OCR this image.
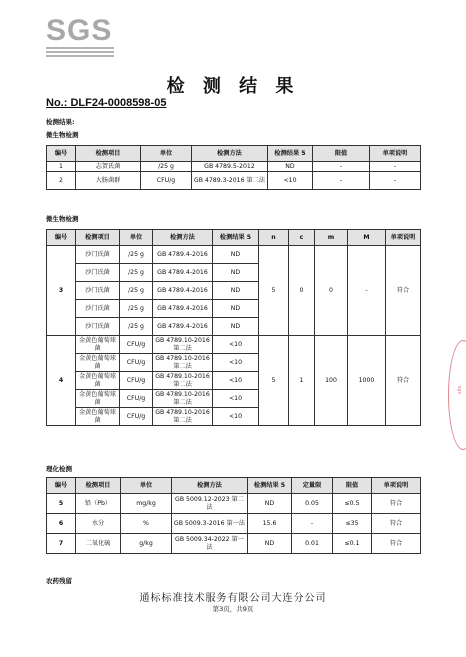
SGS
检 测 结 果
No.: DLF24-0008598-05
检测结果:
微生物检测
编号	检测项目	单位	检测方法	检测结果 5	限值	单项说明
1	志贺氏菌	/25 g	GB 4789.5-2012	ND	-	-
2	大肠菌群	CFU/g	GB 4789.3-2016 第二法	<10	-	-
微生物检测
编号	检测项目	单位	检测方法	检测结果 5	n	c	m	M	单项说明
3	沙门氏菌	/25 g	GB 4789.4-2016	ND	5	0	0	-	符合
	沙门氏菌	/25 g	GB 4789.4-2016	ND					
	沙门氏菌	/25 g	GB 4789.4-2016	ND					
	沙门氏菌	/25 g	GB 4789.4-2016	ND					
	沙门氏菌	/25 g	GB 4789.4-2016	ND					
4	金黄色葡萄球菌	CFU/g	GB 4789.10-2016 第二法	<10	5	1	100	1000	符合
	金黄色葡萄球菌	CFU/g	GB 4789.10-2016 第二法	<10					
	金黄色葡萄球菌	CFU/g	GB 4789.10-2016 第二法	<10					
	金黄色葡萄球菌	CFU/g	GB 4789.10-2016 第二法	<10					
	金黄色葡萄球菌	CFU/g	GB 4789.10-2016 第二法	<10					
理化检测
编号	检测项目	单位	检测方法	检测结果 5	定量限	限值	单项说明
5	铅（Pb）	mg/kg	GB 5009.12-2023 第二法	ND	0.05	≤0.5	符合
6	水分	%	GB 5009.3-2016 第一法	15.6	-	≤35	符合
7	二氧化硫	g/kg	GB 5009.34-2022 第一法	ND	0.01	≤0.1	符合
农药残留
通标标准技术服务有限公司大连分公司
第3页，共9页
sgs
